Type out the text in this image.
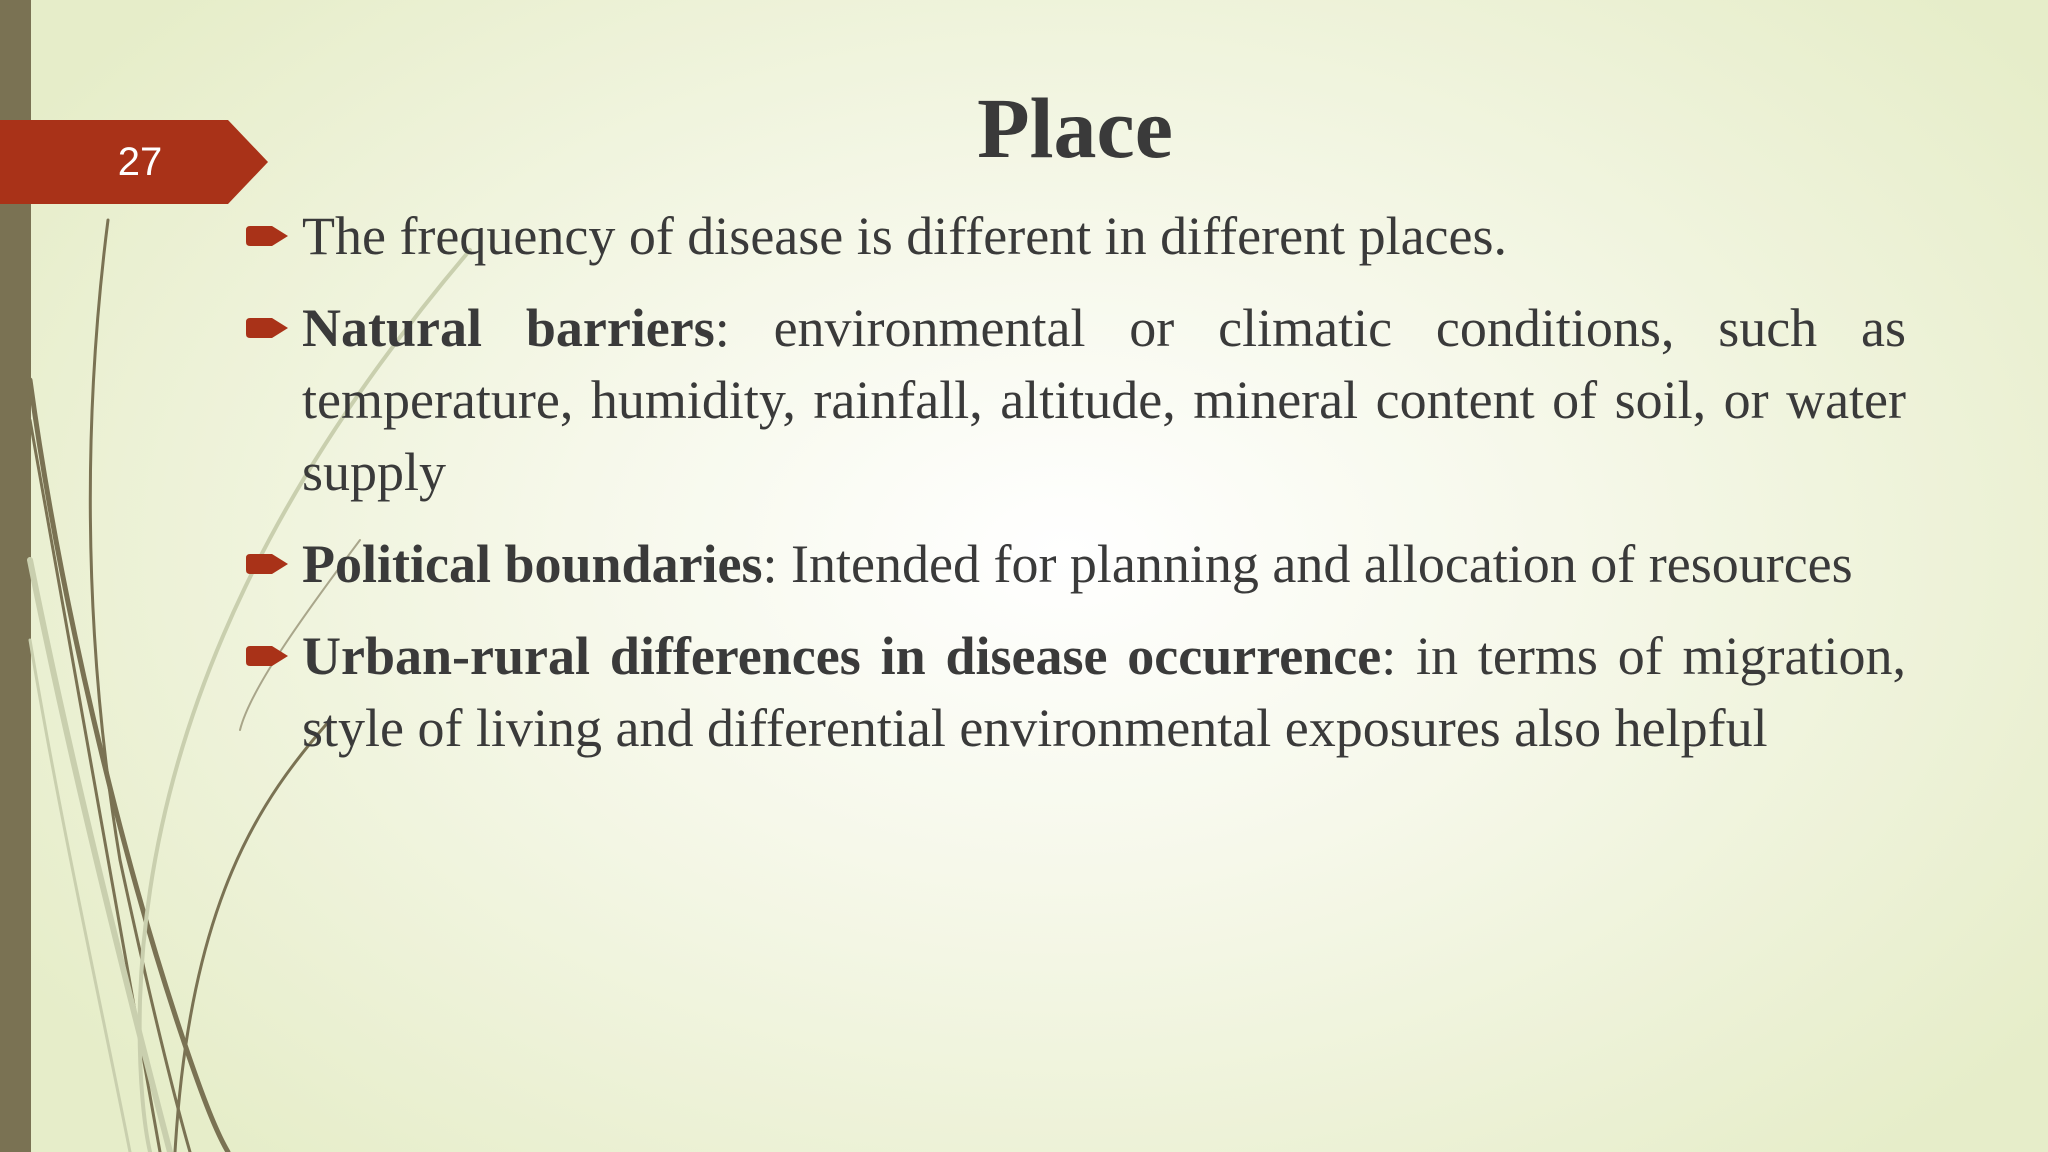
27	Place
The frequency of disease is different in different places.
Natural barriers: environmental or climatic conditions, such as temperature, humidity, rainfall, altitude, mineral content of soil, or water supply
Political boundaries: Intended for planning and allocation of resources
Urban-rural differences in disease occurrence: in terms of migration, style of living and differential environmental exposures also helpful
